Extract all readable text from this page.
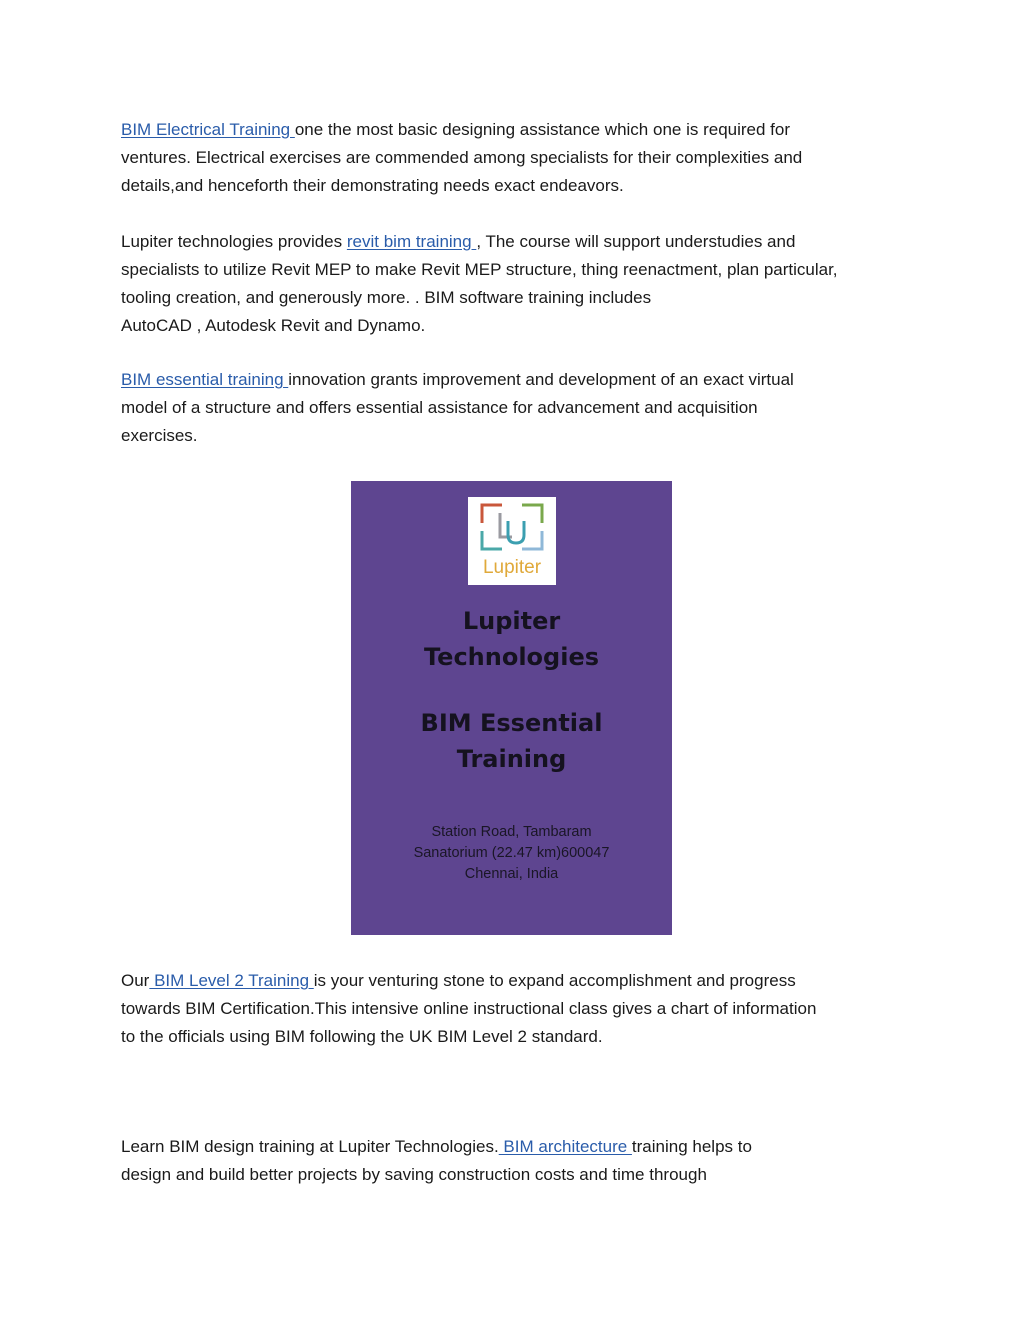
BIM Electrical Training one the most basic designing assistance which one is required for
ventures. Electrical exercises are commended among specialists for their complexities and
details,and henceforth their demonstrating needs exact endeavors.

Lupiter technologies provides revit bim training , The course will support understudies and
specialists to utilize Revit MEP to make Revit MEP structure, thing reenactment, plan particular,
tooling creation, and generously more. . BIM software training includes
AutoCAD , Autodesk Revit and Dynamo.

BIM essential training innovation grants improvement and development of an exact virtual
model of a structure and offers essential assistance for advancement and acquisition
exercises.

Lupiter
Lupiter
Technologies
BIM Essential
Training
Station Road, Tambaram
Sanatorium (22.47 km)600047
Chennai, India

Our BIM Level 2 Training is your venturing stone to expand accomplishment and progress
towards BIM Certification.This intensive online instructional class gives a chart of information
to the officials using BIM following the UK BIM Level 2 standard.

Learn BIM design training at Lupiter Technologies. BIM architecture training helps to
design and build better projects by saving construction costs and time through
